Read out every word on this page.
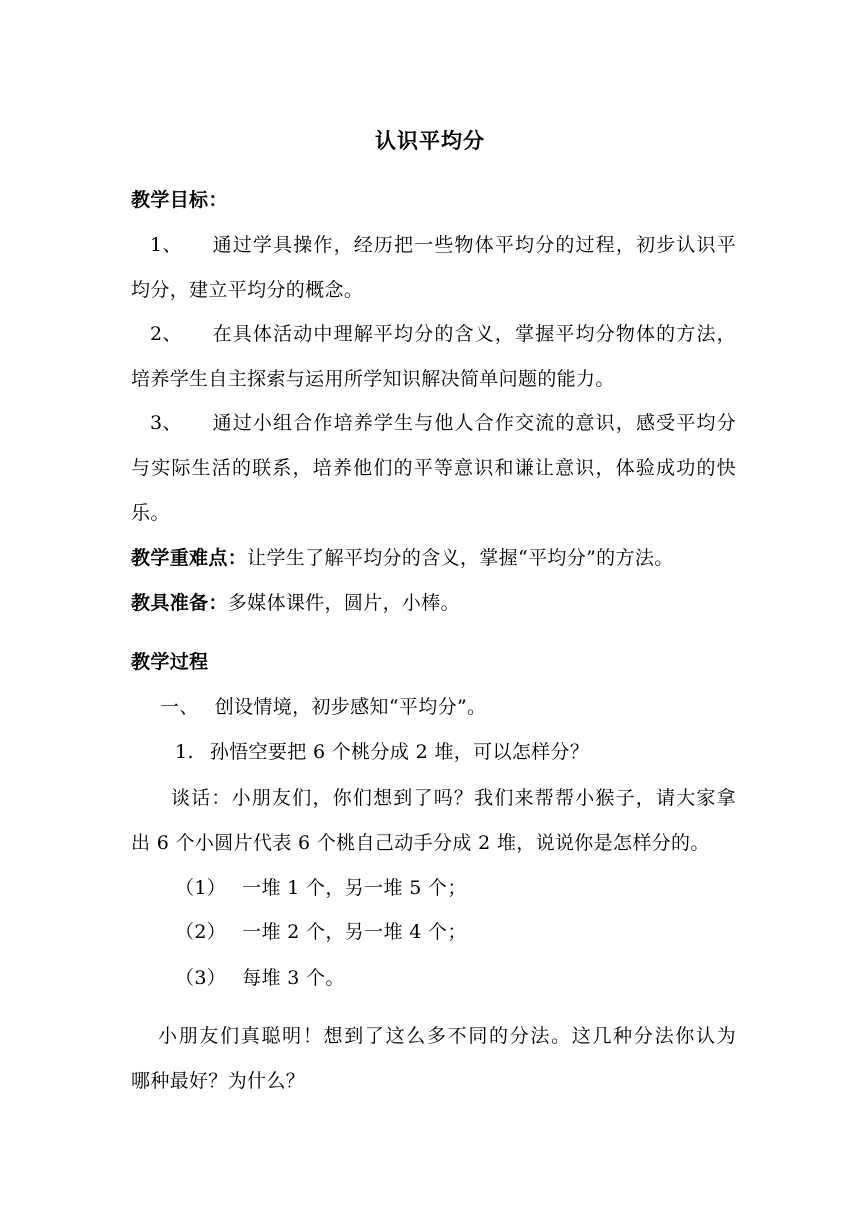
认识平均分
教学目标：
1、 通过学具操作，经历把一些物体平均分的过程，初步认识平
均分，建立平均分的概念。
2、 在具体活动中理解平均分的含义，掌握平均分物体的方法，
培养学生自主探索与运用所学知识解决简单问题的能力。
3、 通过小组合作培养学生与他人合作交流的意识，感受平均分
与实际生活的联系，培养他们的平等意识和谦让意识，体验成功的快
乐。
教学重难点：让学生了解平均分的含义，掌握“平均分”的方法。
教具准备：多媒体课件，圆片，小棒。
教学过程
一、 创设情境，初步感知“平均分”。
1. 孙悟空要把 6 个桃分成 2 堆，可以怎样分？
谈话：小朋友们，你们想到了吗？我们来帮帮小猴子，请大家拿
出 6 个小圆片代表 6 个桃自己动手分成 2 堆，说说你是怎样分的。
（1） 一堆 1 个，另一堆 5 个；
（2） 一堆 2 个，另一堆 4 个；
（3） 每堆 3 个。
小朋友们真聪明！想到了这么多不同的分法。这几种分法你认为
哪种最好？为什么？
